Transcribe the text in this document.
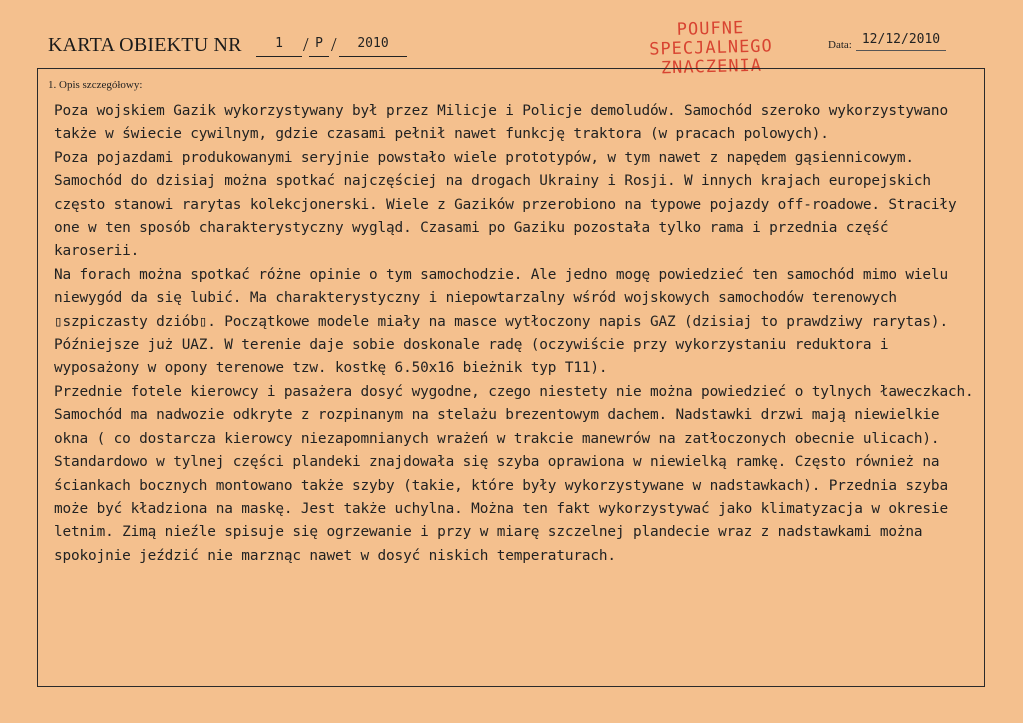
KARTA OBIEKTU NR	1	/ P /	2010
POUFNE
SPECJALNEGO
ZNACZENIA
Data: 12/12/2010
1. Opis szczegółowy:

Poza wojskiem Gazik wykorzystywany był przez Milicje i Policje demoludów. Samochód szeroko wykorzystywano także w świecie cywilnym, gdzie czasami pełnił nawet funkcję traktora (w pracach polowych).

Poza pojazdami produkowanymi seryjnie powstało wiele prototypów, w tym nawet z napędem gąsiennicowym.

Samochód do dzisiaj można spotkać najczęściej na drogach Ukrainy i Rosji. W innych krajach europejskich często stanowi rarytas kolekcjonerski. Wiele z Gazików przerobiono na typowe pojazdy off-roadowe. Straciły one w ten sposób charakterystyczny wygląd. Czasami po Gaziku pozostała tylko rama i przednia część karoserii.

Na forach można spotkać różne opinie o tym samochodzie. Ale jedno mogę powiedzieć ten samochód mimo wielu niewygód da się lubić. Ma charakterystyczny i niepowtarzalny wśród wojskowych samochodów terenowych ▯szpiczasty dziób▯. Początkowe modele miały na masce wytłoczony napis GAZ (dzisiaj to prawdziwy rarytas). Późniejsze już UAZ. W terenie daje sobie doskonale radę (oczywiście przy wykorzystaniu reduktora i wyposażony w opony terenowe tzw. kostkę 6.50x16 bieżnik typ T11).

Przednie fotele kierowcy i pasażera dosyć wygodne, czego niestety nie można powiedzieć o tylnych ławeczkach. Samochód ma nadwozie odkryte z rozpinanym na stelażu brezentowym dachem. Nadstawki drzwi mają niewielkie okna ( co dostarcza kierowcy niezapomnianych wrażeń w trakcie manewrów na zatłoczonych obecnie ulicach). Standardowo w tylnej części plandeki znajdowała się szyba oprawiona w niewielką ramkę. Często również na ściankach bocznych montowano także szyby (takie, które były wykorzystywane w nadstawkach). Przednia szyba może być kładziona na maskę. Jest także uchylna. Można ten fakt wykorzystywać jako klimatyzacja w okresie letnim. Zimą nieźle spisuje się ogrzewanie i przy w miarę szczelnej plandecie wraz z nadstawkami można spokojnie jeździć nie marznąc nawet w dosyć niskich temperaturach.
